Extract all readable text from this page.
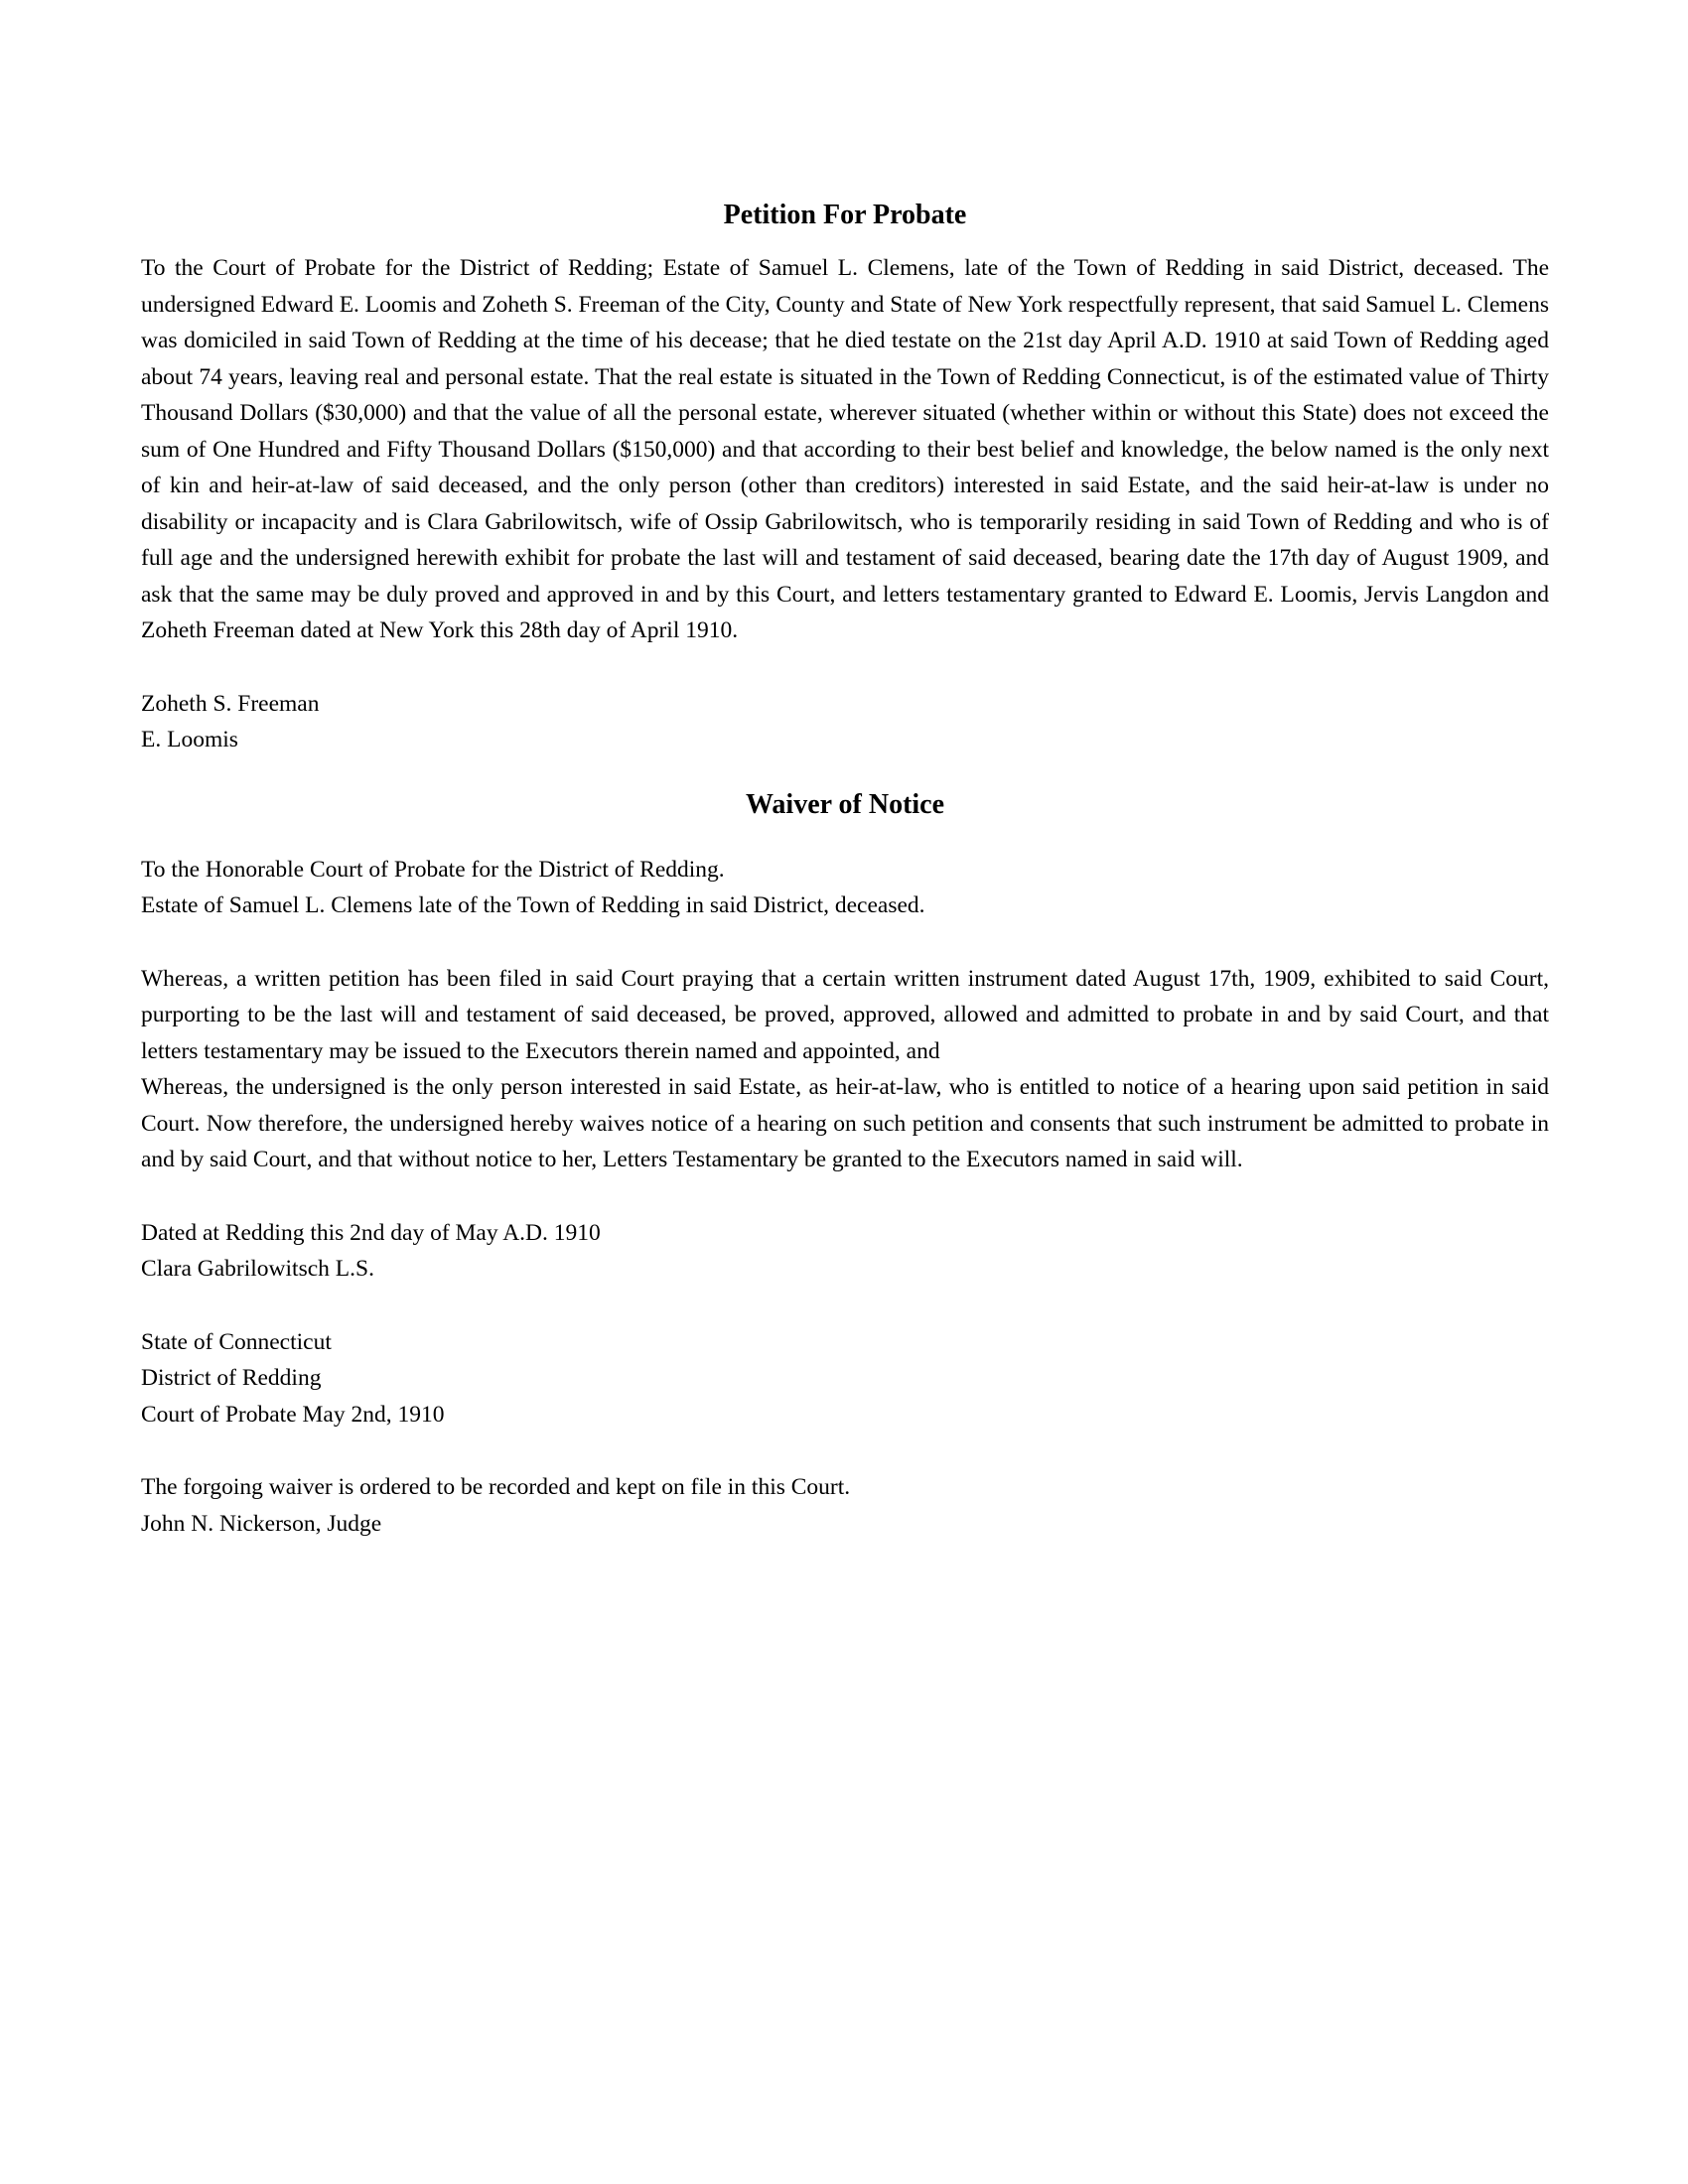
Petition For Probate

To the Court of Probate for the District of Redding; Estate of Samuel L. Clemens, late of the Town of Redding in said District, deceased. The undersigned Edward E. Loomis and Zoheth S. Freeman of the City, County and State of New York respectfully represent, that said Samuel L. Clemens was domiciled in said Town of Redding at the time of his decease; that he died testate on the 21st day April A.D. 1910 at said Town of Redding aged about 74 years, leaving real and personal estate. That the real estate is situated in the Town of Redding Connecticut, is of the estimated value of Thirty Thousand Dollars ($30,000) and that the value of all the personal estate, wherever situated (whether within or without this State) does not exceed the sum of One Hundred and Fifty Thousand Dollars ($150,000) and that according to their best belief and knowledge, the below named is the only next of kin and heir-at-law of said deceased, and the only person (other than creditors) interested in said Estate, and the said heir-at-law is under no disability or incapacity and is Clara Gabrilowitsch, wife of Ossip Gabrilowitsch, who is temporarily residing in said Town of Redding and who is of full age and the undersigned herewith exhibit for probate the last will and testament of said deceased, bearing date the 17th day of August 1909, and ask that the same may be duly proved and approved in and by this Court, and letters testamentary granted to Edward E. Loomis, Jervis Langdon and Zoheth Freeman dated at New York this 28th day of April 1910.

Zoheth S. Freeman
E. Loomis
Waiver of Notice
To the Honorable Court of Probate for the District of Redding.
Estate of Samuel L. Clemens late of the Town of Redding in said District, deceased.

Whereas, a written petition has been filed in said Court praying that a certain written instrument dated August 17th, 1909, exhibited to said Court, purporting to be the last will and testament of said deceased, be proved, approved, allowed and admitted to probate in and by said Court, and that letters testamentary may be issued to the Executors therein named and appointed, and

Whereas, the undersigned is the only person interested in said Estate, as heir-at-law, who is entitled to notice of a hearing upon said petition in said Court. Now therefore, the undersigned hereby waives notice of a hearing on such petition and consents that such instrument be admitted to probate in and by said Court, and that without notice to her, Letters Testamentary be granted to the Executors named in said will.

Dated at Redding this 2nd day of May A.D. 1910
Clara Gabrilowitsch L.S.
State of Connecticut
District of Redding
Court of Probate May 2nd, 1910
The forgoing waiver is ordered to be recorded and kept on file in this Court.
John N. Nickerson, Judge
